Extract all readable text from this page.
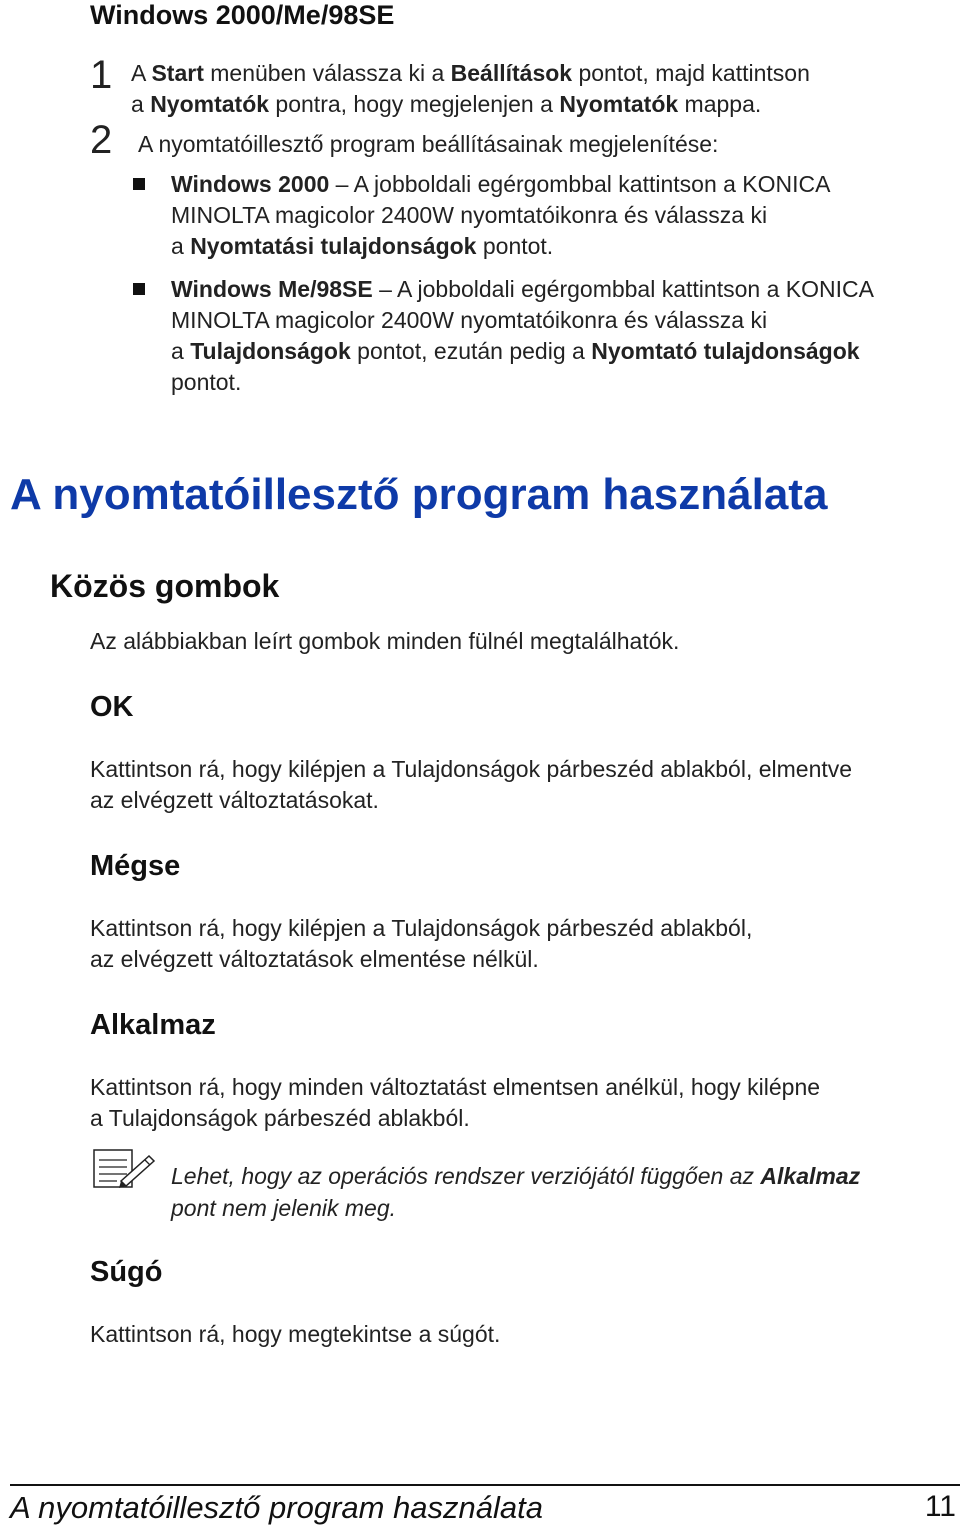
Windows 2000/Me/98SE
1 A Start menüben válassza ki a Beállítások pontot, majd kattintson
a Nyomtatók pontra, hogy megjelenjen a Nyomtatók mappa.
2 A nyomtatóillesztő program beállításainak megjelenítése:
Windows 2000 – A jobboldali egérgombbal kattintson a KONICA
MINOLTA magicolor 2400W nyomtatóikonra és válassza ki
a Nyomtatási tulajdonságok pontot.
Windows Me/98SE – A jobboldali egérgombbal kattintson a KONICA
MINOLTA magicolor 2400W nyomtatóikonra és válassza ki
a Tulajdonságok pontot, ezután pedig a Nyomtató tulajdonságok
pontot.
A nyomtatóillesztő program használata
Közös gombok
Az alábbiakban leírt gombok minden fülnél megtalálhatók.
OK
Kattintson rá, hogy kilépjen a Tulajdonságok párbeszéd ablakból, elmentve
az elvégzett változtatásokat.
Mégse
Kattintson rá, hogy kilépjen a Tulajdonságok párbeszéd ablakból,
az elvégzett változtatások elmentése nélkül.
Alkalmaz
Kattintson rá, hogy minden változtatást elmentsen anélkül, hogy kilépne
a Tulajdonságok párbeszéd ablakból.
Lehet, hogy az operációs rendszer verziójától függően az Alkalmaz
pont nem jelenik meg.
Súgó
Kattintson rá, hogy megtekintse a súgót.
A nyomtatóillesztő program használata	11
